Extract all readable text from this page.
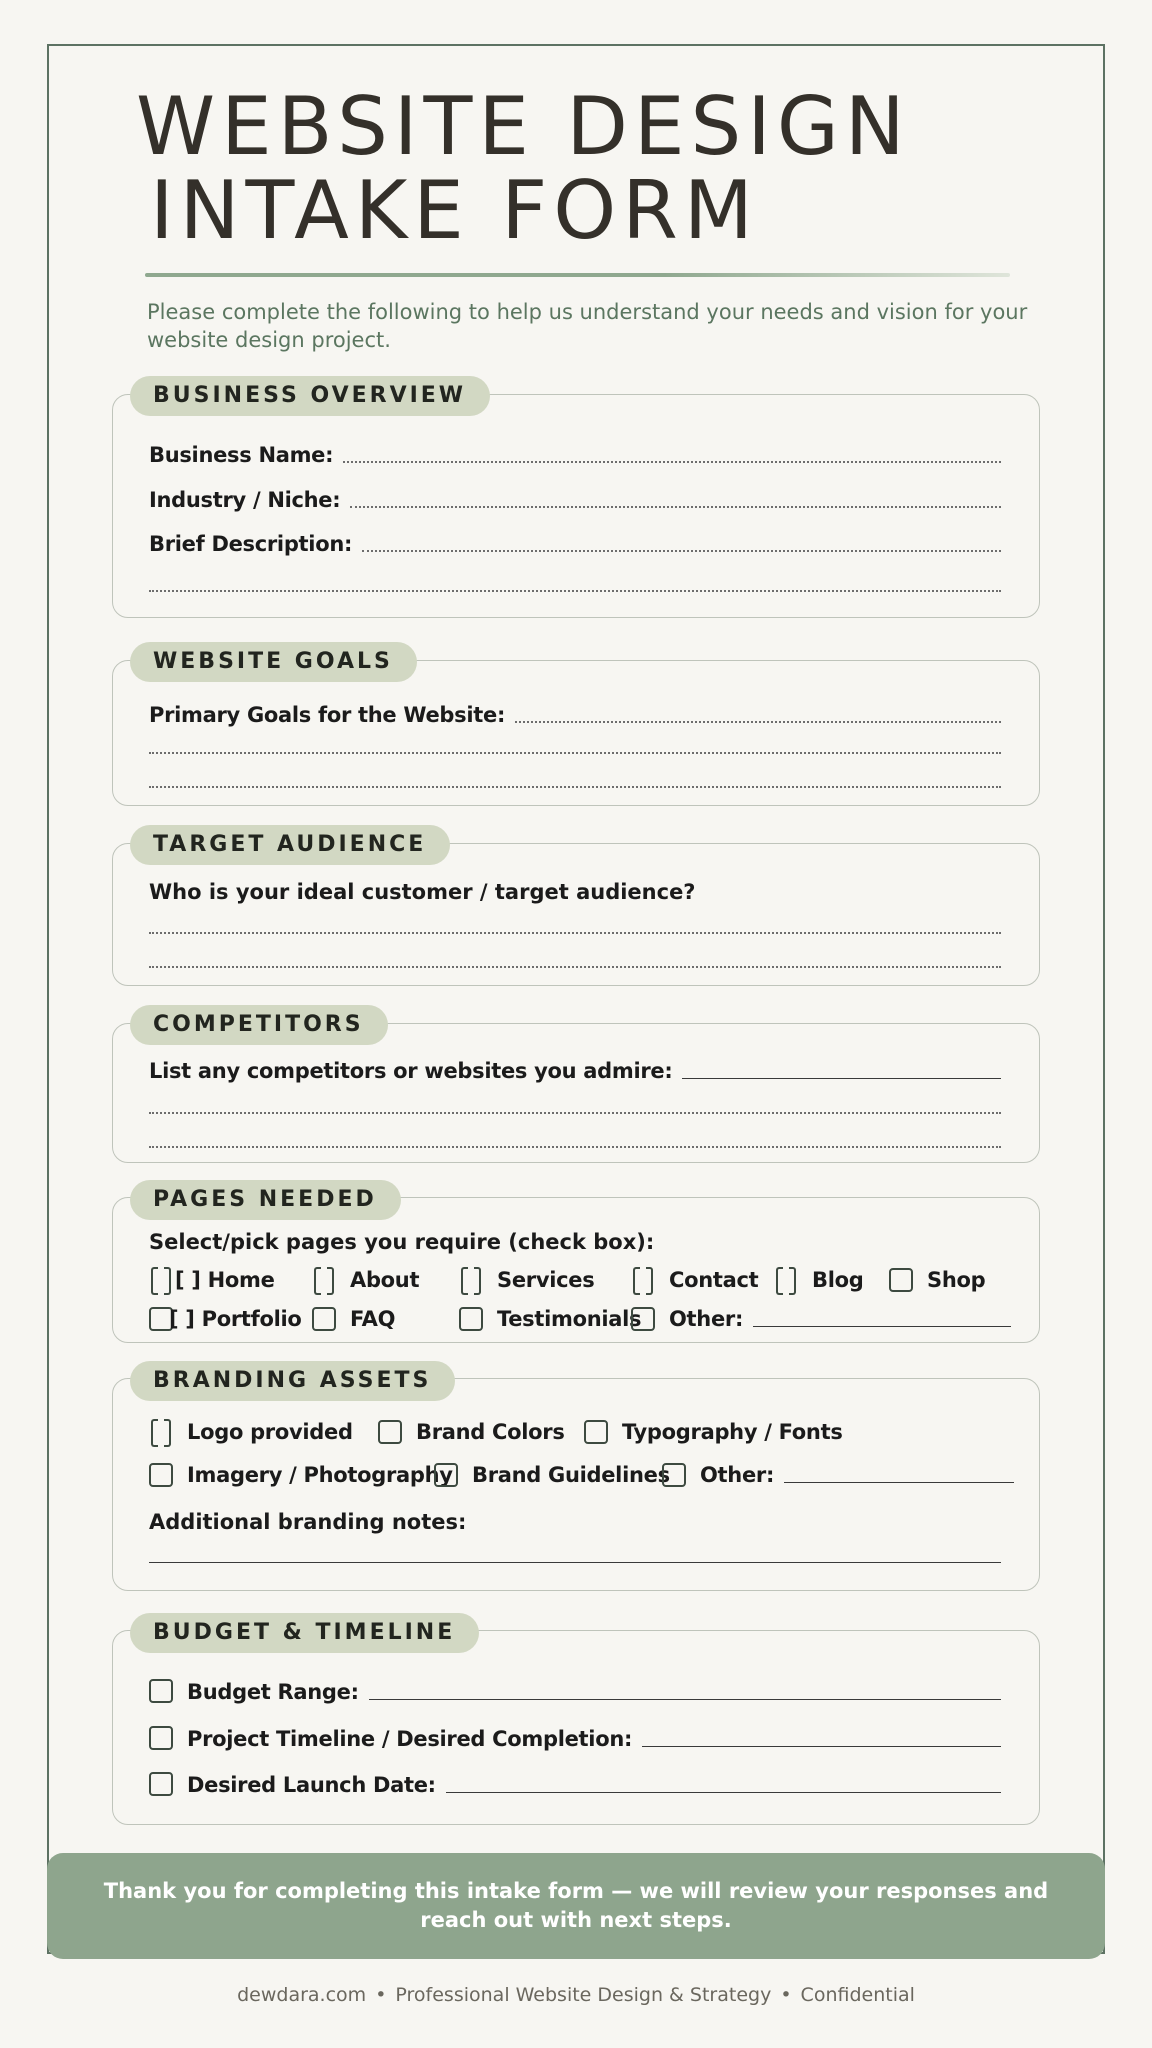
WEBSITE DESIGN
INTAKE FORM

Please complete the following to help us understand your needs and vision for your website design project.

BUSINESS OVERVIEW
Business Name:
Industry / Niche:
Brief Description:
WEBSITE GOALS
Primary Goals for the Website:
TARGET AUDIENCE
Who is your ideal customer / target audience?
COMPETITORS
List any competitors or websites you admire:
PAGES NEEDED
Select/pick pages you require (check box):
[ ] Home	About	Services	Contact	Blog	Shop
[ ] Portfolio FAQ	Testimonials Other:
BRANDING ASSETS
Logo provided	Brand Colors	Typography / Fonts
Imagery / Photography Brand Guidelines Other:
Additional branding notes:
BUDGET & TIMELINE
Budget Range:
Project Timeline / Desired Completion:
Desired Launch Date:
Thank you for completing this intake form — we will review your responses and
reach out with next steps.
dewdara.com • Professional Website Design & Strategy • Confidential
